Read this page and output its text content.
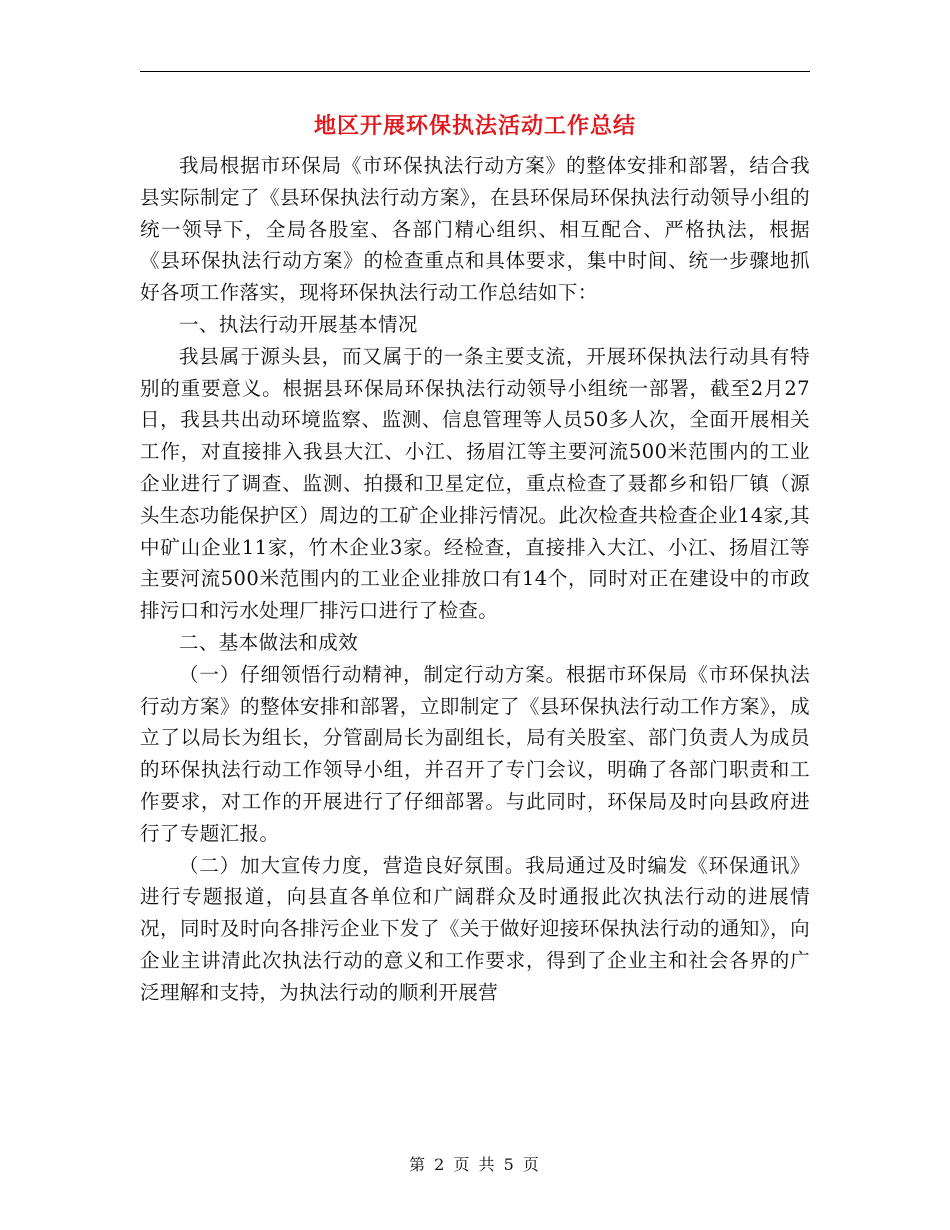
地区开展环保执法活动工作总结

我局根据市环保局《市环保执法行动方案》的整体安排和部署，结合我县实际制定了《县环保执法行动方案》，在县环保局环保执法行动领导小组的统一领导下，全局各股室、各部门精心组织、相互配合、严格执法，根据《县环保执法行动方案》的检查重点和具体要求，集中时间、统一步骤地抓好各项工作落实，现将环保执法行动工作总结如下：

一、执法行动开展基本情况

我县属于源头县，而又属于的一条主要支流，开展环保执法行动具有特别的重要意义。根据县环保局环保执法行动领导小组统一部署，截至2月27日，我县共出动环境监察、监测、信息管理等人员50多人次，全面开展相关工作，对直接排入我县大江、小江、扬眉江等主要河流500米范围内的工业企业进行了调查、监测、拍摄和卫星定位，重点检查了聂都乡和铅厂镇（源头生态功能保护区）周边的工矿企业排污情况。此次检查共检查企业14家,其中矿山企业11家，竹木企业3家。经检查，直接排入大江、小江、扬眉江等主要河流500米范围内的工业企业排放口有14个，同时对正在建设中的市政排污口和污水处理厂排污口进行了检查。

二、基本做法和成效

（一）仔细领悟行动精神，制定行动方案。根据市环保局《市环保执法行动方案》的整体安排和部署，立即制定了《县环保执法行动工作方案》，成立了以局长为组长，分管副局长为副组长，局有关股室、部门负责人为成员的环保执法行动工作领导小组，并召开了专门会议，明确了各部门职责和工作要求，对工作的开展进行了仔细部署。与此同时，环保局及时向县政府进行了专题汇报。

（二）加大宣传力度，营造良好氛围。我局通过及时编发《环保通讯》进行专题报道，向县直各单位和广阔群众及时通报此次执法行动的进展情况，同时及时向各排污企业下发了《关于做好迎接环保执法行动的通知》，向企业主讲清此次执法行动的意义和工作要求，得到了企业主和社会各界的广泛理解和支持，为执法行动的顺利开展营

第 2 页 共 5 页
